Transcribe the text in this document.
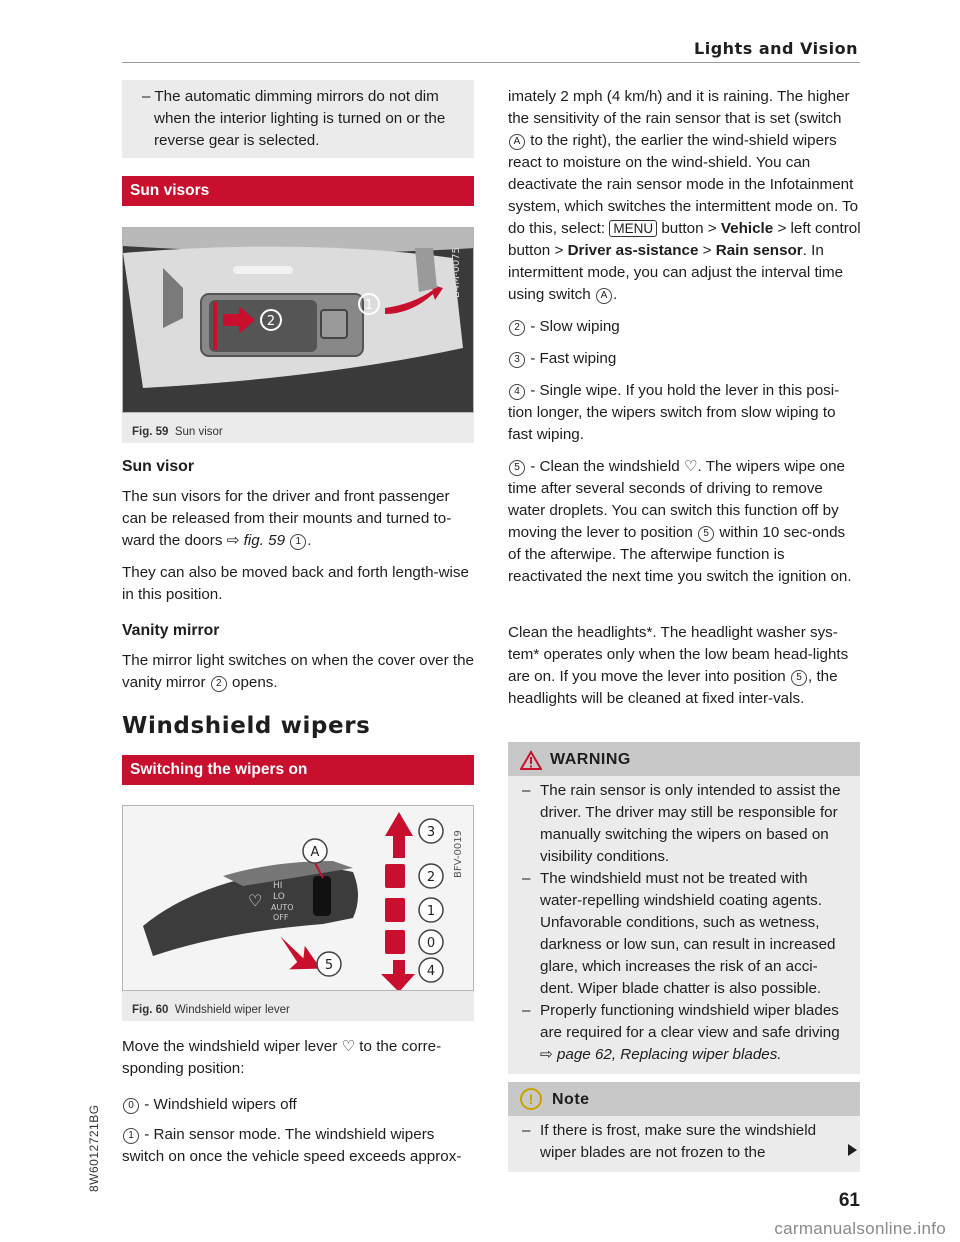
Lights and Vision

– The automatic dimming mirrors do not dim when the interior lighting is turned on or the reverse gear is selected.

Sun visors
2
1
B4M-0075
Fig. 59 Sun visor
Sun visor

The sun visors for the driver and front passenger can be released from their mounts and turned to-ward the doors ⇨ fig. 59 1 .

They can also be moved back and forth length-wise in this position.

Vanity mirror

The mirror light switches on when the cover over the vanity mirror 2 opens.

Windshield wipers
Switching the wipers on
♡
HI
LO
AUTO
OFF
A
3
2
1
0
4
5
BFV-0019
Fig. 60 Windshield wiper lever

Move the windshield wiper lever ♡ to the corre-sponding position:

0 - Windshield wipers off

1 - Rain sensor mode. The windshield wipers switch on once the vehicle speed exceeds approx-

8W6012721BG

imately 2 mph (4 km/h) and it is raining. The higher the sensitivity of the rain sensor that is set (switch A to the right), the earlier the wind-shield wipers react to moisture on the wind-shield. You can deactivate the rain sensor mode in the Infotainment system, which switches the intermittent mode on. To do this, select: MENU button > Vehicle > left control button > Driver as-sistance > Rain sensor. In intermittent mode, you can adjust the interval time using switch A .

2 - Slow wiping

3 - Fast wiping

4 - Single wipe. If you hold the lever in this posi-tion longer, the wipers switch from slow wiping to fast wiping.

5 - Clean the windshield ♡. The wipers wipe one time after several seconds of driving to remove water droplets. You can switch this function off by moving the lever to position 5 within 10 sec-onds of the afterwipe. The afterwipe function is reactivated the next time you switch the ignition on.

Clean the headlights*. The headlight washer sys-tem* operates only when the low beam head-lights are on. If you move the lever into position 5 , the headlights will be cleaned at fixed inter-vals.

WARNING
– The rain sensor is only intended to assist the driver. The driver may still be responsible for manually switching the wipers on based on visibility conditions.
– The windshield must not be treated with water-repelling windshield coating agents. Unfavorable conditions, such as wetness, darkness or low sun, can result in increased glare, which increases the risk of an acci-dent. Wiper blade chatter is also possible.
– Properly functioning windshield wiper blades are required for a clear view and safe driving ⇨ page 62, Replacing wiper blades.
!	Note
– If there is frost, make sure the windshield wiper blades are not frozen to the
61
carmanualsonline.info
